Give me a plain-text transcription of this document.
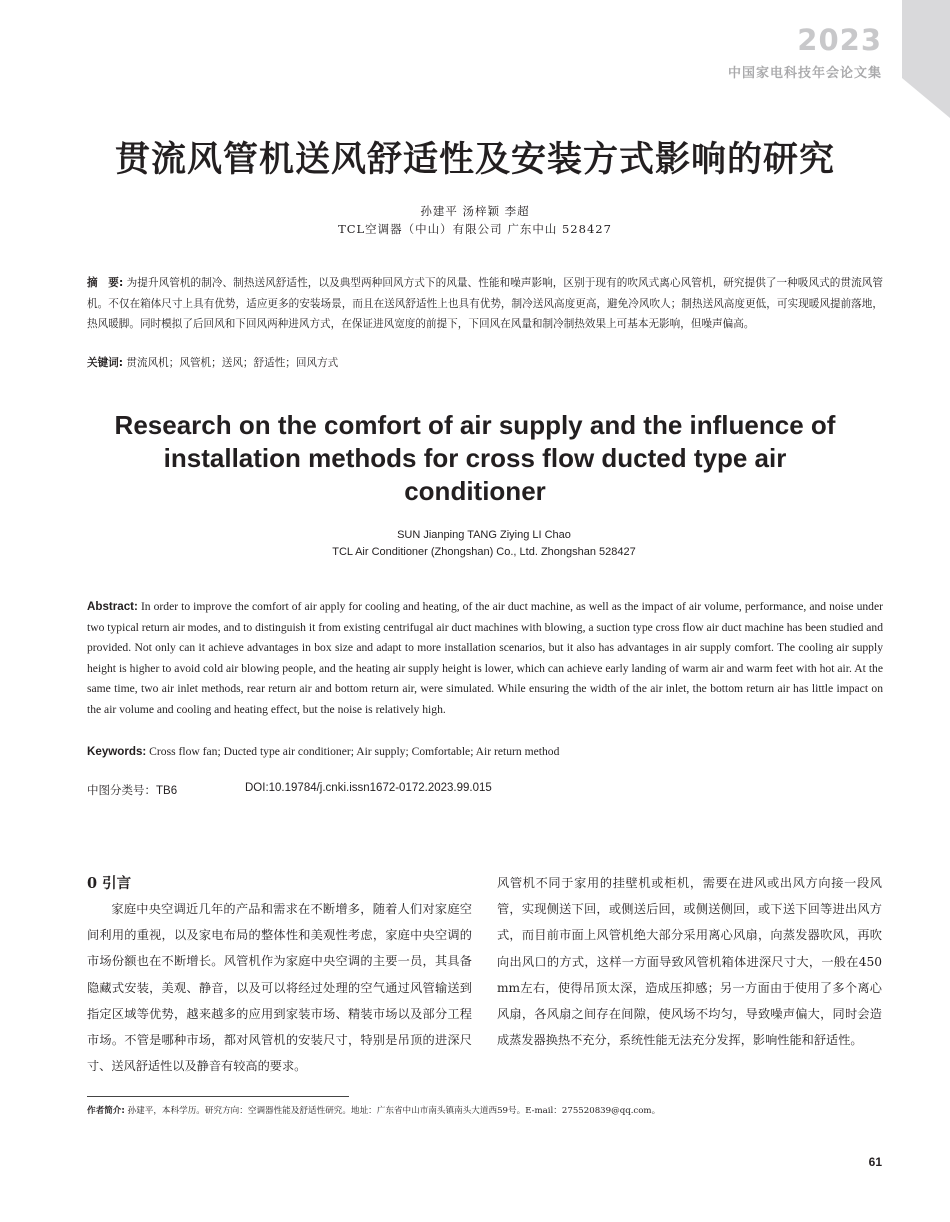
2023
中国家电科技年会论文集
贯流风管机送风舒适性及安装方式影响的研究
孙建平 汤梓颖 李超
TCL空调器（中山）有限公司 广东中山 528427
摘　要: 为提升风管机的制冷、制热送风舒适性，以及典型两种回风方式下的风量、性能和噪声影响，区别于现有的吹风式离心风管机，研究提供了一种吸风式的贯流风管机。不仅在箱体尺寸上具有优势，适应更多的安装场景，而且在送风舒适性上也具有优势，制冷送风高度更高，避免冷风吹人；制热送风高度更低，可实现暖风提前落地，热风暖脚。同时模拟了后回风和下回风两种进风方式，在保证进风宽度的前提下，下回风在风量和制冷制热效果上可基本无影响，但噪声偏高。
关键词: 贯流风机；风管机；送风；舒适性；回风方式
Research on the comfort of air supply and the influence of installation methods for cross flow ducted type air conditioner
SUN Jianping TANG Ziying LI Chao
TCL Air Conditioner (Zhongshan) Co., Ltd. Zhongshan 528427
Abstract: In order to improve the comfort of air apply for cooling and heating, of the air duct machine, as well as the impact of air volume, performance, and noise under two typical return air modes, and to distinguish it from existing centrifugal air duct machines with blowing, a suction type cross flow air duct machine has been studied and provided. Not only can it achieve advantages in box size and adapt to more installation scenarios, but it also has advantages in air supply comfort. The cooling air supply height is higher to avoid cold air blowing people, and the heating air supply height is lower, which can achieve early landing of warm air and warm feet with hot air. At the same time, two air inlet methods, rear return air and bottom return air, were simulated. While ensuring the width of the air inlet, the bottom return air has little impact on the air volume and cooling and heating effect, but the noise is relatively high.
Keywords: Cross flow fan; Ducted type air conditioner; Air supply; Comfortable; Air return method
中图分类号：TB6	DOI:10.19784/j.cnki.issn1672-0172.2023.99.015
0 引言

家庭中央空调近几年的产品和需求在不断增多，随着人们对家庭空间利用的重视，以及家电布局的整体性和美观性考虑，家庭中央空调的市场份额也在不断增长。风管机作为家庭中央空调的主要一员，其具备隐藏式安装，美观、静音，以及可以将经过处理的空气通过风管输送到指定区域等优势，越来越多的应用到家装市场、精装市场以及部分工程市场。不管是哪种市场，都对风管机的安装尺寸，特别是吊顶的进深尺寸、送风舒适性以及静音有较高的要求。

风管机不同于家用的挂壁机或柜机，需要在进风或出风方向接一段风管，实现侧送下回，或侧送后回，或侧送侧回，或下送下回等进出风方式，而目前市面上风管机绝大部分采用离心风扇，向蒸发器吹风，再吹向出风口的方式，这样一方面导致风管机箱体进深尺寸大，一般在450 mm左右，使得吊顶太深，造成压抑感；另一方面由于使用了多个离心风扇，各风扇之间存在间隙，使风场不均匀，导致噪声偏大，同时会造成蒸发器换热不充分，系统性能无法充分发挥，影响性能和舒适性。

作者简介: 孙建平，本科学历。研究方向：空调器性能及舒适性研究。地址：广东省中山市南头镇南头大道西59号。E-mail：275520839@qq.com。
61
